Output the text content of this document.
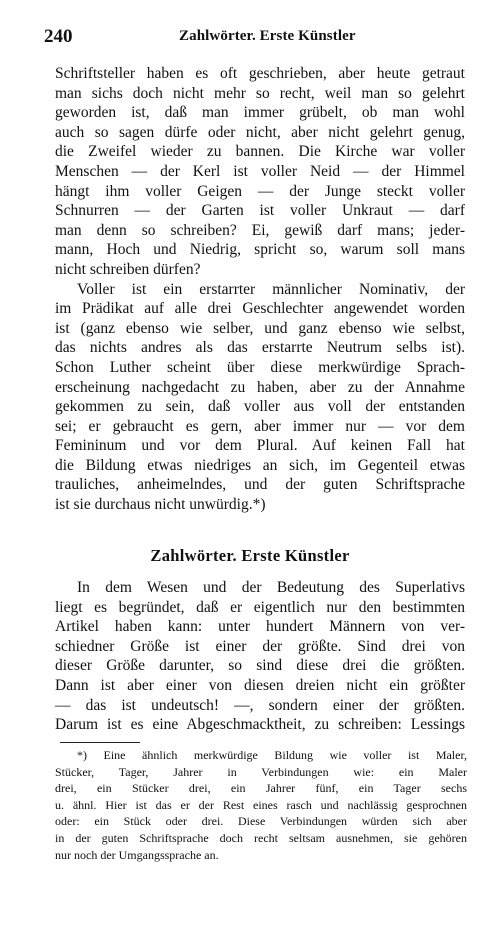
240	Zahlwörter. Erste Künstler
Schriftsteller haben es oft geschrieben, aber heute getraut
man sichs doch nicht mehr so recht, weil man so gelehrt
geworden ist, daß man immer grübelt, ob man wohl
auch so sagen dürfe oder nicht, aber nicht gelehrt genug,
die Zweifel wieder zu bannen. Die Kirche war voller
Menschen — der Kerl ist voller Neid — der Himmel
hängt ihm voller Geigen — der Junge steckt voller
Schnurren — der Garten ist voller Unkraut — darf
man denn so schreiben? Ei, gewiß darf mans; jeder-
mann, Hoch und Niedrig, spricht so, warum soll mans
nicht schreiben dürfen?
Voller ist ein erstarrter männlicher Nominativ, der
im Prädikat auf alle drei Geschlechter angewendet worden
ist (ganz ebenso wie selber, und ganz ebenso wie selbst,
das nichts andres als das erstarrte Neutrum selbs ist).
Schon Luther scheint über diese merkwürdige Sprach-
erscheinung nachgedacht zu haben, aber zu der Annahme
gekommen zu sein, daß voller aus voll der entstanden
sei; er gebraucht es gern, aber immer nur — vor dem
Femininum und vor dem Plural. Auf keinen Fall hat
die Bildung etwas niedriges an sich, im Gegenteil etwas
trauliches, anheimelndes, und der guten Schriftsprache
ist sie durchaus nicht unwürdig.*)
Zahlwörter. Erste Künstler
In dem Wesen und der Bedeutung des Superlativs
liegt es begründet, daß er eigentlich nur den bestimmten
Artikel haben kann: unter hundert Männern von ver-
schiedner Größe ist einer der größte. Sind drei von
dieser Größe darunter, so sind diese drei die größten.
Dann ist aber einer von diesen dreien nicht ein größter
— das ist undeutsch! —, sondern einer der größten.
Darum ist es eine Abgeschmacktheit, zu schreiben: Lessings
*) Eine ähnlich merkwürdige Bildung wie voller ist Maler,
Stücker, Tager, Jahrer in Verbindungen wie: ein Maler
drei, ein Stücker drei, ein Jahrer fünf, ein Tager sechs
u. ähnl. Hier ist das er der Rest eines rasch und nachlässig gesprochnen
oder: ein Stück oder drei. Diese Verbindungen würden sich aber
in der guten Schriftsprache doch recht seltsam ausnehmen, sie gehören
nur noch der Umgangssprache an.
